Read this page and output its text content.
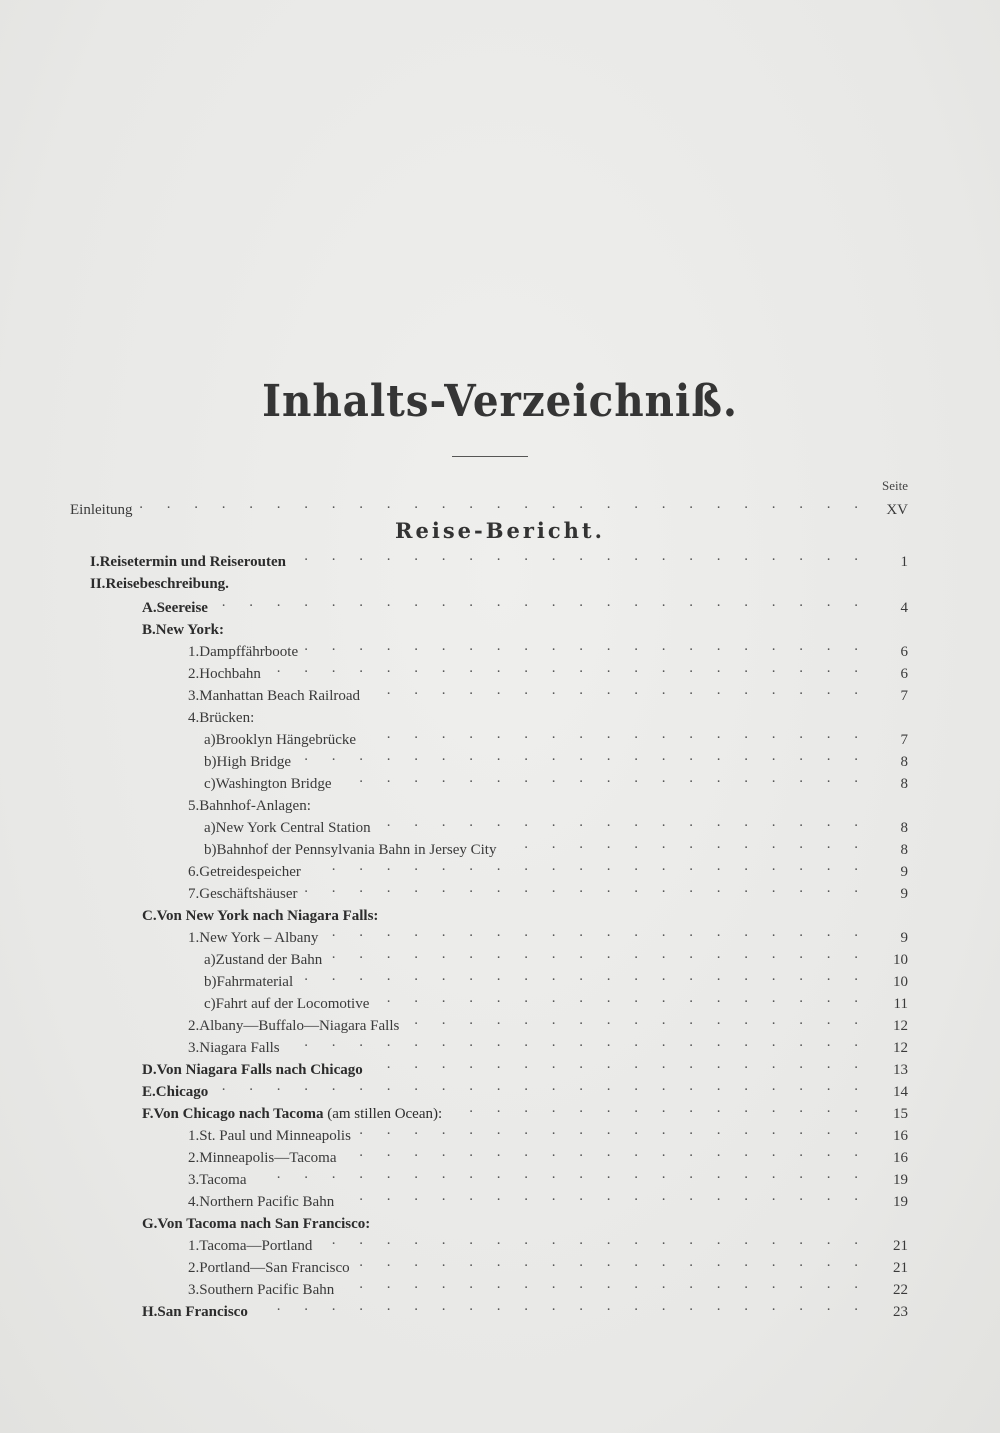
Inhalts-Verzeichniß.
Seite
Einleitung . . .	XV
Reise-Bericht.
I.Reisetermin und Reiserouten . . .	1
II.Reisebeschreibung.
A.Seereise . . .	4
B.New York:
1.Dampffährboote . . .	6
2.Hochbahn . . .	6
3.Manhattan Beach Railroad . . .	7
4.Brücken:
a)Brooklyn Hängebrücke . . .	7
b)High Bridge . . .	8
c)Washington Bridge . . .	8
5.Bahnhof-Anlagen:
a)New York Central Station . . .	8
b)Bahnhof der Pennsylvania Bahn in Jersey City . . .	8
6.Getreidespeicher . . .	9
7.Geschäftshäuser . . .	9
C.Von New York nach Niagara Falls:
1.New York – Albany . . .	9
a)Zustand der Bahn . . .	10
b)Fahrmaterial . . .	10
c)Fahrt auf der Locomotive . . .	11
2.Albany—Buffalo—Niagara Falls . . .	12
3.Niagara Falls . . .	12
D.Von Niagara Falls nach Chicago . . .	13
E.Chicago . . .	14
F.Von Chicago nach Tacoma (am stillen Ocean): . . .	15
1.St. Paul und Minneapolis . . .	16
2.Minneapolis—Tacoma . . .	16
3.Tacoma . . .	19
4.Northern Pacific Bahn . . .	19
G.Von Tacoma nach San Francisco:
1.Tacoma—Portland . . .	21
2.Portland—San Francisco . . .	21
3.Southern Pacific Bahn . . .	22
H.San Francisco . . .	23
